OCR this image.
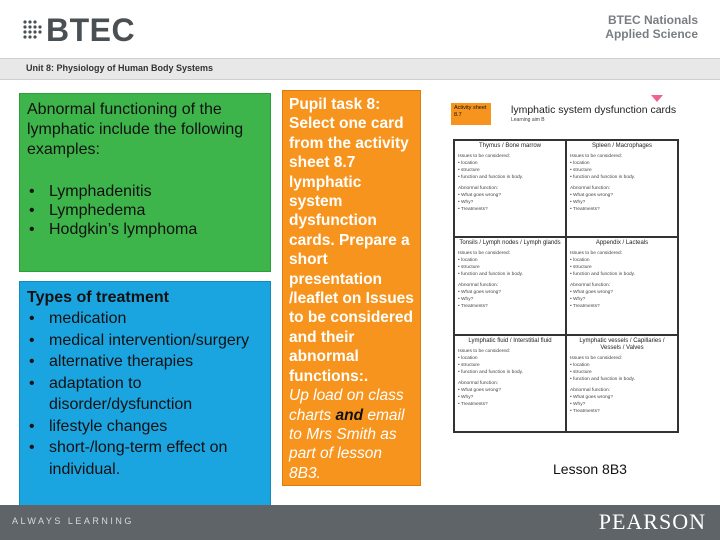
BTEC	BTEC Nationals
Applied Science
Unit 8: Physiology of Human Body Systems
Abnormal functioning of the lymphatic include the following examples:
• Lymphadenitis
• Lymphedema
• Hodgkin’s lymphoma
Types of treatment
• medication
• medical intervention/surgery
• alternative therapies
• adaptation to disorder/dysfunction
• lifestyle changes
• short-/long-term effect on individual.
Pupil task 8: Select one card from the activity sheet 8.7 lymphatic system dysfunction cards. Prepare a short presentation /leaflet on Issues to be considered and their abnormal functions:.
Up load on class charts and email to Mrs Smith as part of lesson 8B3.
Activity sheet 8.7	lymphatic system dysfunction cards
Learning aim B
Thymus / Bone marrow
Issues to be considered:
• location
• structure
• function and function in body.
Abnormal function:
• What goes wrong?
• Why?
• Treatments?
Spleen / Macrophages
Issues to be considered:
• location
• structure
• function and function in body.
Abnormal function:
• What goes wrong?
• Why?
• Treatments?
Tonsils / Lymph nodes / Lymph glands
Issues to be considered:
• location
• structure
• function and function in body.
Abnormal function:
• What goes wrong?
• Why?
• Treatments?
Appendix / Lacteals
Issues to be considered:
• location
• structure
• function and function in body.
Abnormal function:
• What goes wrong?
• Why?
• Treatments?
Lymphatic fluid / Interstitial fluid
Issues to be considered:
• location
• structure
• function and function in body.
Abnormal function:
• What goes wrong?
• Why?
• Treatments?
Lymphatic vessels / Capillaries / Vessels / Valves
Issues to be considered:
• location
• structure
• function and function in body.
Abnormal function:
• What goes wrong?
• Why?
• Treatments?
Lesson 8B3
ALWAYS LEARNING	PEARSON
